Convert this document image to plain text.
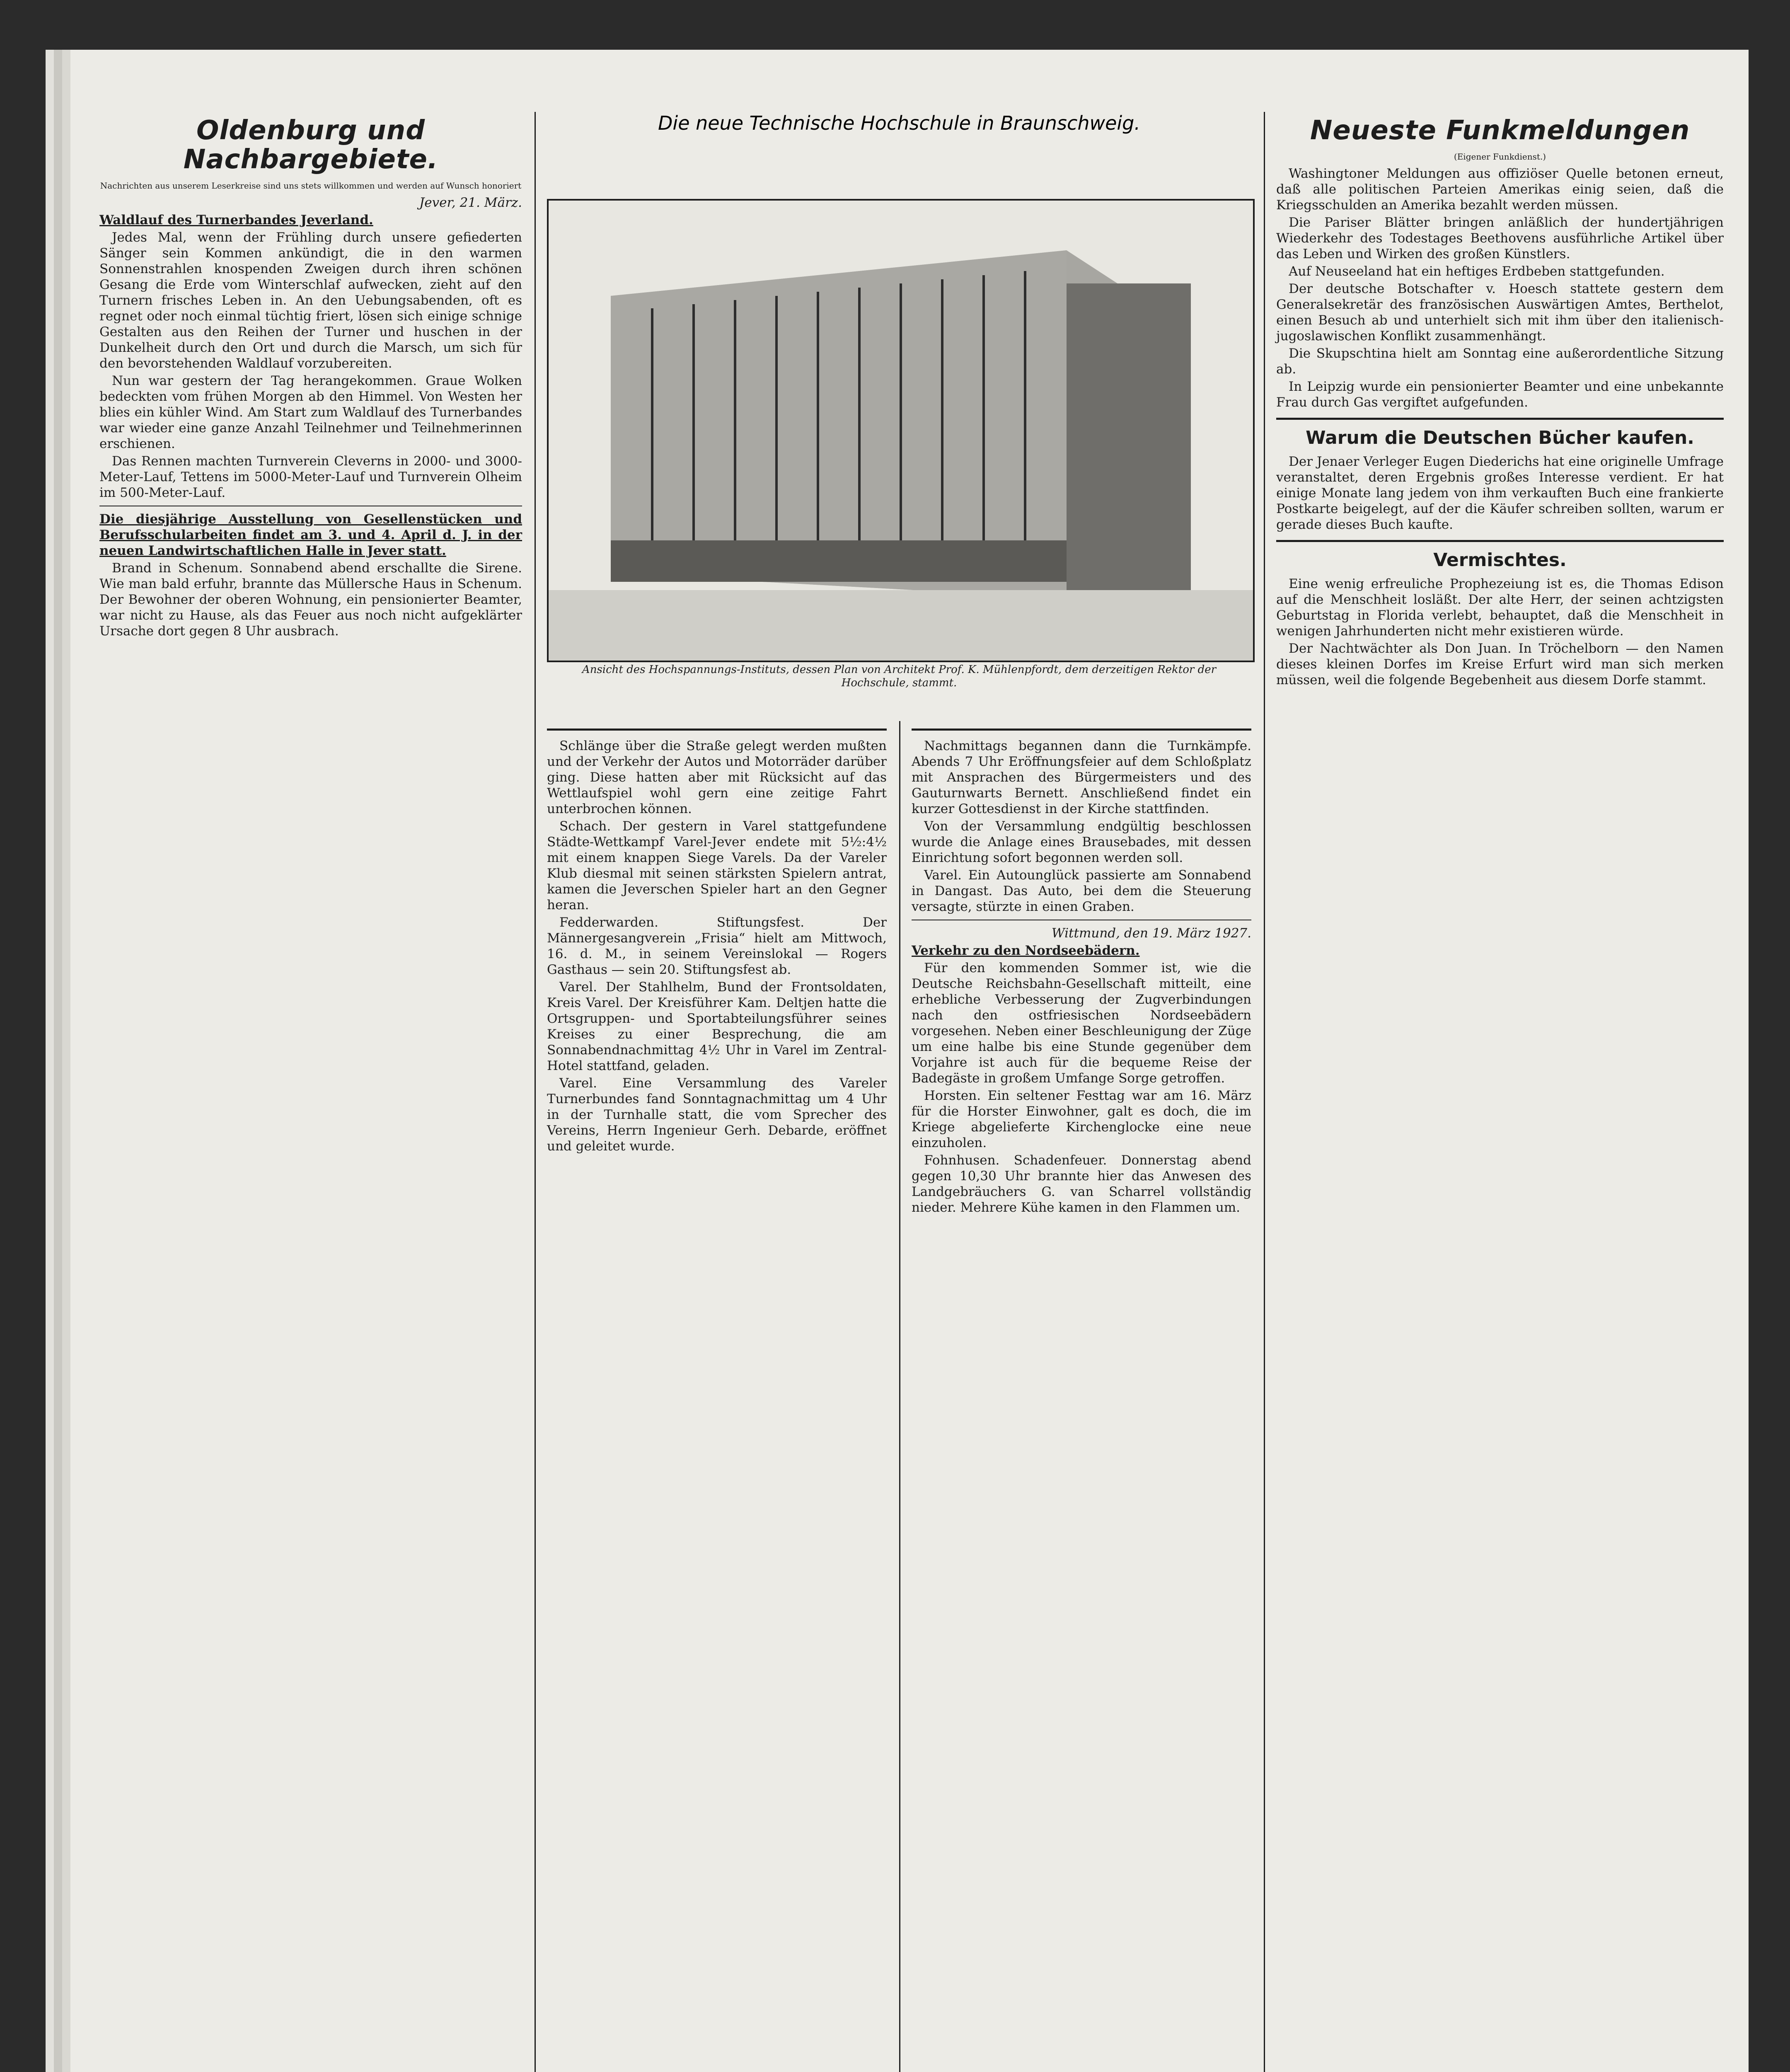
Oldenburg und Nachbargebiete.

Nachrichten aus unserem Leserkreise sind uns stets willkommen und werden auf Wunsch honoriert

Jever, 21. März.

Waldlauf des Turnerbandes Jeverland.

Jedes Mal, wenn der Frühling durch unsere gefiederten Sänger sein Kommen ankündigt, die in den warmen Sonnenstrahlen knospenden Zweigen durch ihren schönen Gesang die Erde vom Winterschlaf aufwecken, zieht auf den Turnern frisches Leben in. An den Uebungsabenden, oft es regnet oder noch einmal tüchtig friert, lösen sich einige schnige Gestalten aus den Reihen der Turner und huschen in der Dunkelheit durch den Ort und durch die Marsch, um sich für den bevorstehenden Waldlauf vorzubereiten.

Nun war gestern der Tag herangekommen. Graue Wolken bedeckten vom frühen Morgen ab den Himmel. Von Westen her blies ein kühler Wind. Am Start zum Waldlauf des Turnerbandes war wieder eine ganze Anzahl Teilnehmer und Teilnehmerinnen erschienen.

Das Rennen machten Turnverein Cleverns in 2000- und 3000-Meter-Lauf, Tettens im 5000-Meter-Lauf und Turnverein Olheim im 500-Meter-Lauf.

Die diesjährige Ausstellung von Gesellenstücken und Berufsschularbeiten findet am 3. und 4. April d. J. in der neuen Landwirtschaftlichen Halle in Jever statt.

Brand in Schenum. Sonnabend abend erschallte die Sirene. Wie man bald erfuhr, brannte das Müllersche Haus in Schenum. Der Bewohner der oberen Wohnung, ein pensionierter Beamter, war nicht zu Hause, als das Feuer aus noch nicht aufgeklärter Ursache dort gegen 8 Uhr ausbrach.

Die neue Technische Hochschule in Braunschweig.
Ansicht des Hochspannungs-Instituts, dessen Plan von Architekt Prof. K. Mühlenpfordt, dem derzeitigen Rektor der Hochschule, stammt.

Schlänge über die Straße gelegt werden mußten und der Verkehr der Autos und Motorräder darüber ging. Diese hatten aber mit Rücksicht auf das Wettlaufspiel wohl gern eine zeitige Fahrt unterbrochen können.

Schach. Der gestern in Varel stattgefundene Städte-Wettkampf Varel-Jever endete mit 5½:4½ mit einem knappen Siege Varels. Da der Vareler Klub diesmal mit seinen stärksten Spielern antrat, kamen die Jeverschen Spieler hart an den Gegner heran.

Fedderwarden. Stiftungsfest. Der Männergesangverein „Frisia“ hielt am Mittwoch, 16. d. M., in seinem Vereinslokal — Rogers Gasthaus — sein 20. Stiftungsfest ab.

Varel. Der Stahlhelm, Bund der Frontsoldaten, Kreis Varel. Der Kreisführer Kam. Deltjen hatte die Ortsgruppen- und Sportabteilungsführer seines Kreises zu einer Besprechung, die am Sonnabendnachmittag 4½ Uhr in Varel im Zentral-Hotel stattfand, geladen.

Varel. Eine Versammlung des Vareler Turnerbundes fand Sonntagnachmittag um 4 Uhr in der Turnhalle statt, die vom Sprecher des Vereins, Herrn Ingenieur Gerh. Debarde, eröffnet und geleitet wurde.

Nachmittags begannen dann die Turnkämpfe. Abends 7 Uhr Eröffnungsfeier auf dem Schloßplatz mit Ansprachen des Bürgermeisters und des Gauturnwarts Bernett. Anschließend findet ein kurzer Gottesdienst in der Kirche stattfinden.

Von der Versammlung endgültig beschlossen wurde die Anlage eines Brausebades, mit dessen Einrichtung sofort begonnen werden soll.

Varel. Ein Autounglück passierte am Sonnabend in Dangast. Das Auto, bei dem die Steuerung versagte, stürzte in einen Graben.

Wittmund, den 19. März 1927.

Verkehr zu den Nordseebädern.

Für den kommenden Sommer ist, wie die Deutsche Reichsbahn-Gesellschaft mitteilt, eine erhebliche Verbesserung der Zugverbindungen nach den ostfriesischen Nordseebädern vorgesehen. Neben einer Beschleunigung der Züge um eine halbe bis eine Stunde gegenüber dem Vorjahre ist auch für die bequeme Reise der Badegäste in großem Umfange Sorge getroffen.

Horsten. Ein seltener Festtag war am 16. März für die Horster Einwohner, galt es doch, die im Kriege abgelieferte Kirchenglocke eine neue einzuholen.

Fohnhusen. Schadenfeuer. Donnerstag abend gegen 10,30 Uhr brannte hier das Anwesen des Landgebräuchers G. van Scharrel vollständig nieder. Mehrere Kühe kamen in den Flammen um.

Neueste Funkmeldungen

(Eigener Funkdienst.)

Washingtoner Meldungen aus offiziöser Quelle betonen erneut, daß alle politischen Parteien Amerikas einig seien, daß die Kriegsschulden an Amerika bezahlt werden müssen.

Die Pariser Blätter bringen anläßlich der hundertjährigen Wiederkehr des Todestages Beethovens ausführliche Artikel über das Leben und Wirken des großen Künstlers.

Auf Neuseeland hat ein heftiges Erdbeben stattgefunden.

Der deutsche Botschafter v. Hoesch stattete gestern dem Generalsekretär des französischen Auswärtigen Amtes, Berthelot, einen Besuch ab und unterhielt sich mit ihm über den italienisch-jugoslawischen Konflikt zusammenhängt.

Die Skupschtina hielt am Sonntag eine außerordentliche Sitzung ab.

In Leipzig wurde ein pensionierter Beamter und eine unbekannte Frau durch Gas vergiftet aufgefunden.

Warum die Deutschen Bücher kaufen.

Der Jenaer Verleger Eugen Diederichs hat eine originelle Umfrage veranstaltet, deren Ergebnis großes Interesse verdient. Er hat einige Monate lang jedem von ihm verkauften Buch eine frankierte Postkarte beigelegt, auf der die Käufer schreiben sollten, warum er gerade dieses Buch kaufte.

Vermischtes.

Eine wenig erfreuliche Prophezeiung ist es, die Thomas Edison auf die Menschheit losläßt. Der alte Herr, der seinen achtzigsten Geburtstag in Florida verlebt, behauptet, daß die Menschheit in wenigen Jahrhunderten nicht mehr existieren würde.

Der Nachtwächter als Don Juan. In Tröchelborn — den Namen dieses kleinen Dorfes im Kreise Erfurt wird man sich merken müssen, weil die folgende Begebenheit aus diesem Dorfe stammt.
